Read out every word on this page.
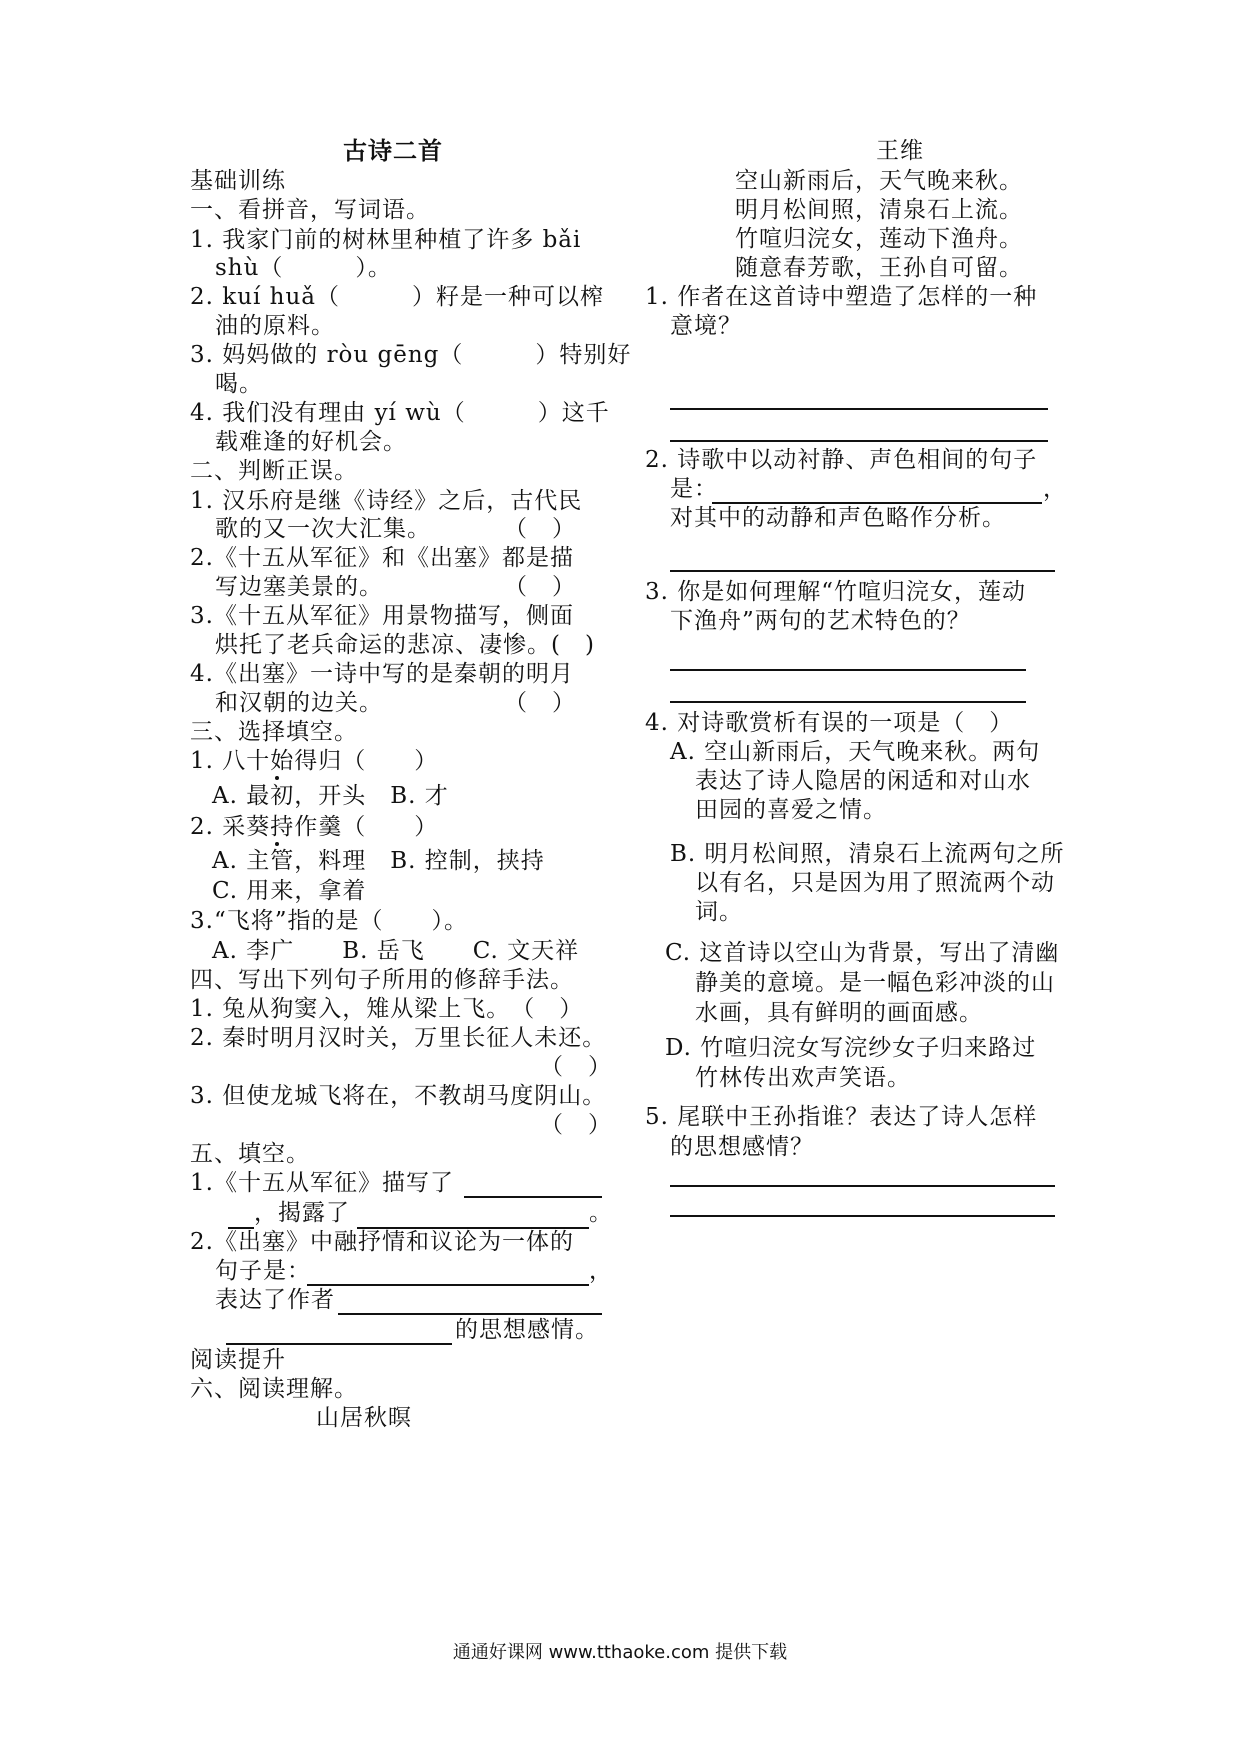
古诗二首
基础训练
一、看拼音，写词语。
1. 我家门前的树林里种植了许多 bǎi
shù（　　　）。
2. kuí huǎ（　　　）籽是一种可以榨
油的原料。
3. 妈妈做的 ròu gēng（　　　）特别好
喝。
4. 我们没有理由 yí wù（　　　）这千
载难逢的好机会。
二、判断正误。
1. 汉乐府是继《诗经》之后，古代民
歌的又一次大汇集。　　　　（　）
2.《十五从军征》和《出塞》都是描
写边塞美景的。　　　　　　（　）
3.《十五从军征》用景物描写，侧面
烘托了老兵命运的悲凉、凄惨。(　)
4.《出塞》一诗中写的是秦朝的明月
和汉朝的边关。　　　　　　（　）
三、选择填空。
1. 八十始得归（　　）
A. 最初，开头　B. 才
2. 采葵持作羹（　　）
A. 主管，料理　B. 控制，挟持
C. 用来，拿着
3.“飞将”指的是（　　）。
A. 李广　　B. 岳飞　　C. 文天祥
四、写出下列句子所用的修辞手法。
1. 兔从狗窦入，雉从梁上飞。　（　）
2. 秦时明月汉时关，万里长征人未还。
（　）
3. 但使龙城飞将在，不教胡马度阴山。
（　）
五、填空。
1.《十五从军征》描写了
，揭露了	。
2.《出塞》中融抒情和议论为一体的
句子是：	，
表达了作者
的思想感情。
阅读提升
六、阅读理解。
山居秋暝
王维
空山新雨后，天气晚来秋。
明月松间照，清泉石上流。
竹喧归浣女，莲动下渔舟。
随意春芳歌，王孙自可留。
1. 作者在这首诗中塑造了怎样的一种
意境？
2. 诗歌中以动衬静、声色相间的句子
是：	，
对其中的动静和声色略作分析。
3. 你是如何理解“竹喧归浣女，莲动
下渔舟”两句的艺术特色的？
4. 对诗歌赏析有误的一项是（　）
A. 空山新雨后，天气晚来秋。两句
表达了诗人隐居的闲适和对山水
田园的喜爱之情。
B. 明月松间照，清泉石上流两句之所
以有名，只是因为用了照流两个动
词。
C. 这首诗以空山为背景，写出了清幽
静美的意境。是一幅色彩冲淡的山
水画，具有鲜明的画面感。
D. 竹喧归浣女写浣纱女子归来路过
竹林传出欢声笑语。
5. 尾联中王孙指谁？表达了诗人怎样
的思想感情？
通通好课网 www.tthaoke.com 提供下载
